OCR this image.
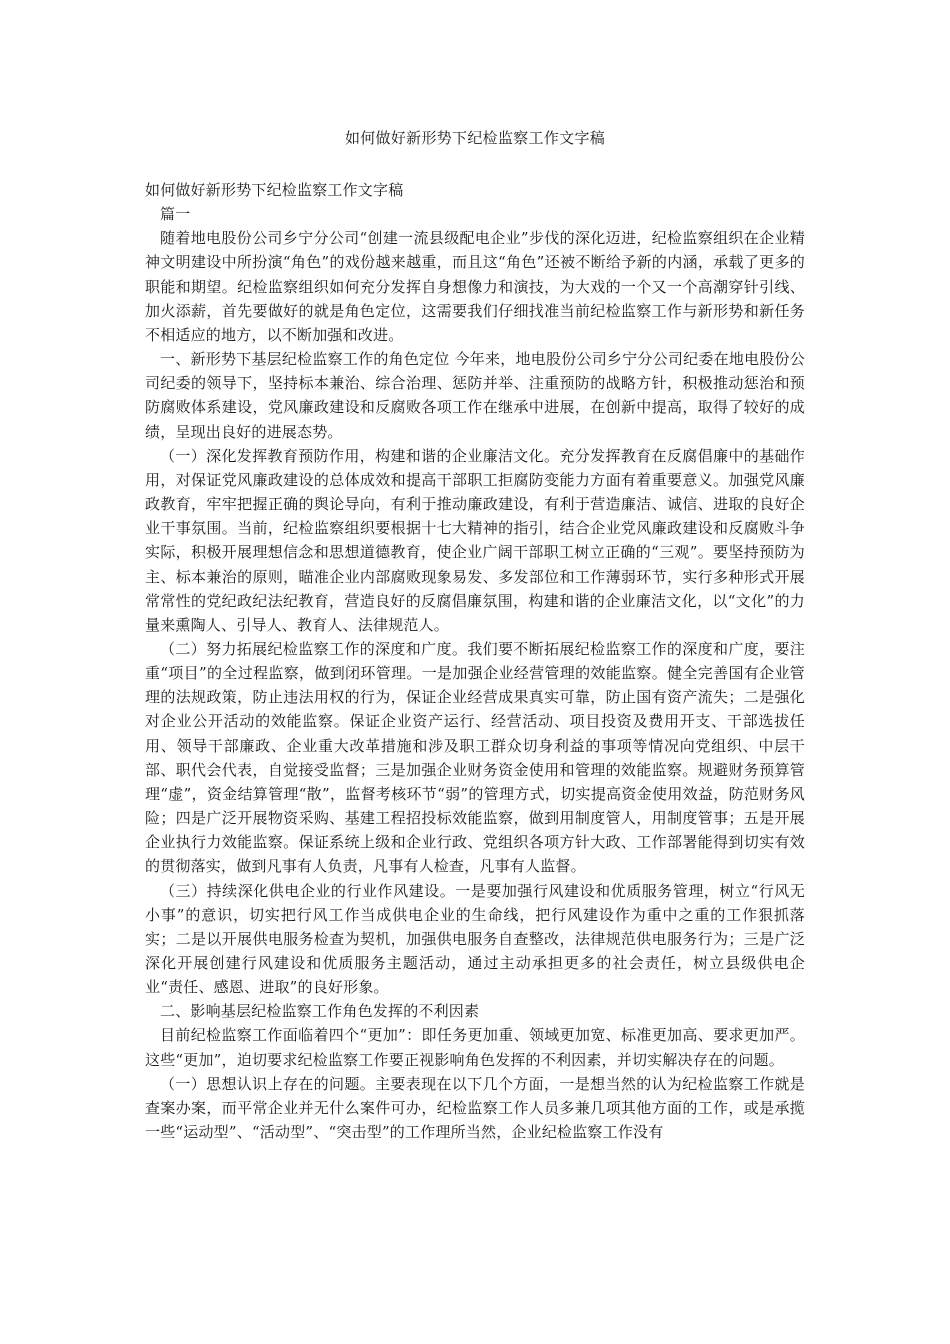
如何做好新形势下纪检监察工作文字稿

如何做好新形势下纪检监察工作文字稿

篇一

随着地电股份公司乡宁分公司“创建一流县级配电企业”步伐的深化迈进，纪检监察组织在企业精神文明建设中所扮演“角色”的戏份越来越重，而且这“角色”还被不断给予新的内涵，承载了更多的职能和期望。纪检监察组织如何充分发挥自身想像力和演技，为大戏的一个又一个高潮穿针引线、加火添薪，首先要做好的就是角色定位，这需要我们仔细找准当前纪检监察工作与新形势和新任务不相适应的地方，以不断加强和改进。

一、新形势下基层纪检监察工作的角色定位 今年来，地电股份公司乡宁分公司纪委在地电股份公司纪委的领导下，坚持标本兼治、综合治理、惩防并举、注重预防的战略方针，积极推动惩治和预防腐败体系建设，党风廉政建设和反腐败各项工作在继承中进展，在创新中提高，取得了较好的成绩，呈现出良好的进展态势。

（一）深化发挥教育预防作用，构建和谐的企业廉洁文化。充分发挥教育在反腐倡廉中的基础作用，对保证党风廉政建设的总体成效和提高干部职工拒腐防变能力方面有着重要意义。加强党风廉政教育，牢牢把握正确的舆论导向，有利于推动廉政建设，有利于营造廉洁、诚信、进取的良好企业干事氛围。当前，纪检监察组织要根据十七大精神的指引，结合企业党风廉政建设和反腐败斗争实际，积极开展理想信念和思想道德教育，使企业广阔干部职工树立正确的“三观”。要坚持预防为主、标本兼治的原则，瞄准企业内部腐败现象易发、多发部位和工作薄弱环节，实行多种形式开展常常性的党纪政纪法纪教育，营造良好的反腐倡廉氛围，构建和谐的企业廉洁文化，以“文化”的力量来熏陶人、引导人、教育人、法律规范人。

（二）努力拓展纪检监察工作的深度和广度。我们要不断拓展纪检监察工作的深度和广度，要注重“项目”的全过程监察，做到闭环管理。一是加强企业经营管理的效能监察。健全完善国有企业管理的法规政策，防止违法用权的行为，保证企业经营成果真实可靠，防止国有资产流失；二是强化对企业公开活动的效能监察。保证企业资产运行、经营活动、项目投资及费用开支、干部选拔任用、领导干部廉政、企业重大改革措施和涉及职工群众切身利益的事项等情况向党组织、中层干部、职代会代表，自觉接受监督；三是加强企业财务资金使用和管理的效能监察。规避财务预算管理“虚”，资金结算管理“散”，监督考核环节“弱”的管理方式，切实提高资金使用效益，防范财务风险；四是广泛开展物资采购、基建工程招投标效能监察，做到用制度管人，用制度管事；五是开展企业执行力效能监察。保证系统上级和企业行政、党组织各项方针大政、工作部署能得到切实有效的贯彻落实，做到凡事有人负责，凡事有人检查，凡事有人监督。

（三）持续深化供电企业的行业作风建设。一是要加强行风建设和优质服务管理，树立“行风无小事”的意识，切实把行风工作当成供电企业的生命线，把行风建设作为重中之重的工作狠抓落实；二是以开展供电服务检查为契机，加强供电服务自查整改，法律规范供电服务行为；三是广泛深化开展创建行风建设和优质服务主题活动，通过主动承担更多的社会责任，树立县级供电企业“责任、感恩、进取”的良好形象。

二、影响基层纪检监察工作角色发挥的不利因素

目前纪检监察工作面临着四个“更加”：即任务更加重、领域更加宽、标准更加高、要求更加严。这些“更加”，迫切要求纪检监察工作要正视影响角色发挥的不利因素，并切实解决存在的问题。

（一）思想认识上存在的问题。主要表现在以下几个方面，一是想当然的认为纪检监察工作就是查案办案，而平常企业并无什么案件可办，纪检监察工作人员多兼几项其他方面的工作，或是承揽一些“运动型”、“活动型”、“突击型”的工作理所当然，企业纪检监察工作没有
